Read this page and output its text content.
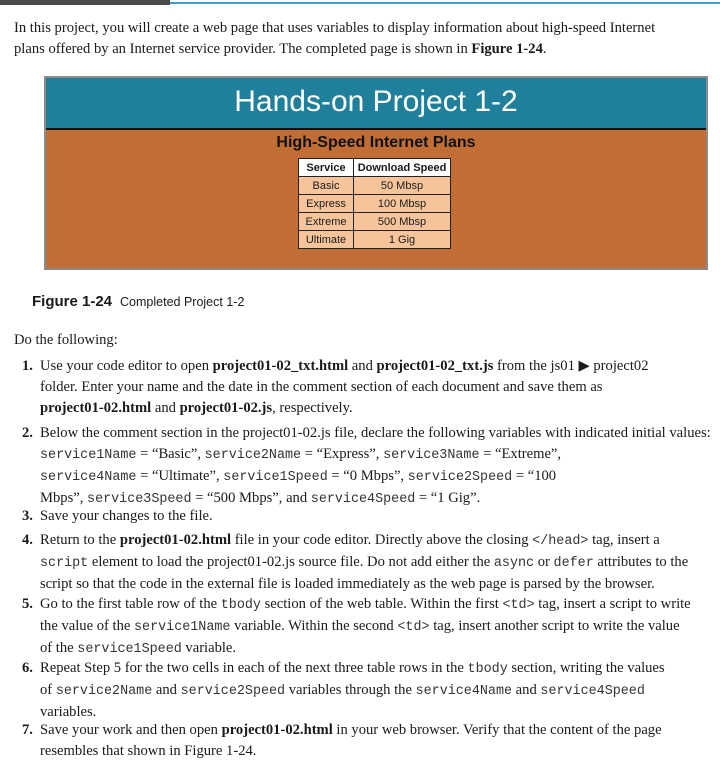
In this project, you will create a web page that uses variables to display information about high-speed Internet
plans offered by an Internet service provider. The completed page is shown in Figure 1-24.
Hands-on Project 1-2
High-Speed Internet Plans
Service	Download Speed
Basic	50 Mbsp
Express	100 Mbsp
Extreme	500 Mbsp
Ultimate	1 Gig
Figure 1-24 Completed Project 1-2
Do the following:
1. Use your code editor to open project01-02_txt.html and project01-02_txt.js from the js01 ▶ project02
folder. Enter your name and the date in the comment section of each document and save them as
project01-02.html and project01-02.js, respectively.
2. Below the comment section in the project01-02.js file, declare the following variables with indicated initial values:
service1Name = “Basic”, service2Name = “Express”, service3Name = “Extreme”,
service4Name = “Ultimate”, service1Speed = “0 Mbps”, service2Speed = “100
Mbps”, service3Speed = “500 Mbps”, and service4Speed = “1 Gig”.
3. Save your changes to the file.
4. Return to the project01-02.html file in your code editor. Directly above the closing </head> tag, insert a
script element to load the project01-02.js source file. Do not add either the async or defer attributes to the
script so that the code in the external file is loaded immediately as the web page is parsed by the browser.
5. Go to the first table row of the tbody section of the web table. Within the first <td> tag, insert a script to write
the value of the service1Name variable. Within the second <td> tag, insert another script to write the value
of the service1Speed variable.
6. Repeat Step 5 for the two cells in each of the next three table rows in the tbody section, writing the values
of service2Name and service2Speed variables through the service4Name and service4Speed
variables.
7. Save your work and then open project01-02.html in your web browser. Verify that the content of the page
resembles that shown in Figure 1-24.
